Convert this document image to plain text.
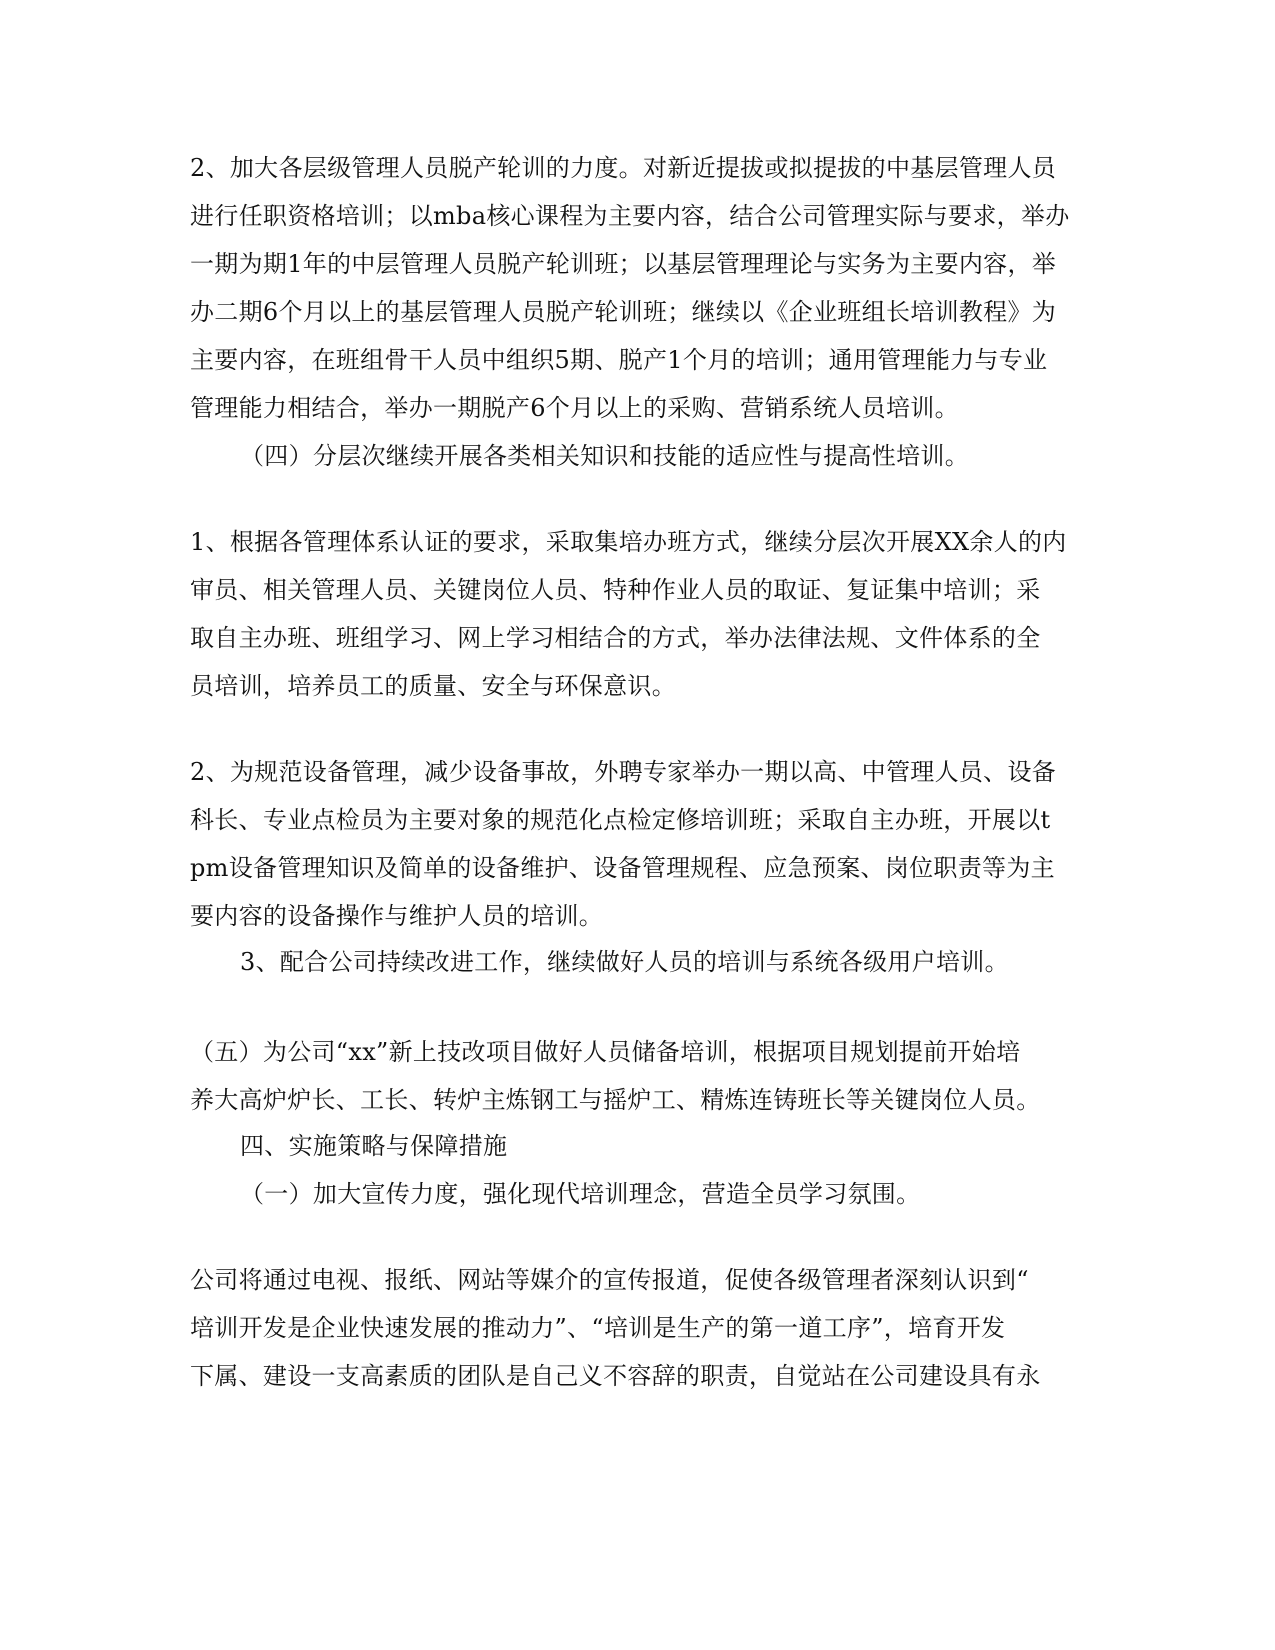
2、加大各层级管理人员脱产轮训的力度。对新近提拔或拟提拔的中基层管理人员
进行任职资格培训；以mba核心课程为主要内容，结合公司管理实际与要求，举办
一期为期1年的中层管理人员脱产轮训班；以基层管理理论与实务为主要内容，举
办二期6个月以上的基层管理人员脱产轮训班；继续以《企业班组长培训教程》为
主要内容，在班组骨干人员中组织5期、脱产1个月的培训；通用管理能力与专业
管理能力相结合，举办一期脱产6个月以上的采购、营销系统人员培训。
（四）分层次继续开展各类相关知识和技能的适应性与提高性培训。
1、根据各管理体系认证的要求，采取集培办班方式，继续分层次开展XX余人的内
审员、相关管理人员、关键岗位人员、特种作业人员的取证、复证集中培训；采
取自主办班、班组学习、网上学习相结合的方式，举办法律法规、文件体系的全
员培训，培养员工的质量、安全与环保意识。
2、为规范设备管理，减少设备事故，外聘专家举办一期以高、中管理人员、设备
科长、专业点检员为主要对象的规范化点检定修培训班；采取自主办班，开展以t
pm设备管理知识及简单的设备维护、设备管理规程、应急预案、岗位职责等为主
要内容的设备操作与维护人员的培训。
3、配合公司持续改进工作，继续做好人员的培训与系统各级用户培训。
（五）为公司“xx”新上技改项目做好人员储备培训，根据项目规划提前开始培
养大高炉炉长、工长、转炉主炼钢工与摇炉工、精炼连铸班长等关键岗位人员。
四、实施策略与保障措施
（一）加大宣传力度，强化现代培训理念，营造全员学习氛围。
公司将通过电视、报纸、网站等媒介的宣传报道，促使各级管理者深刻认识到“
培训开发是企业快速发展的推动力”、“培训是生产的第一道工序”，培育开发
下属、建设一支高素质的团队是自己义不容辞的职责，自觉站在公司建设具有永
